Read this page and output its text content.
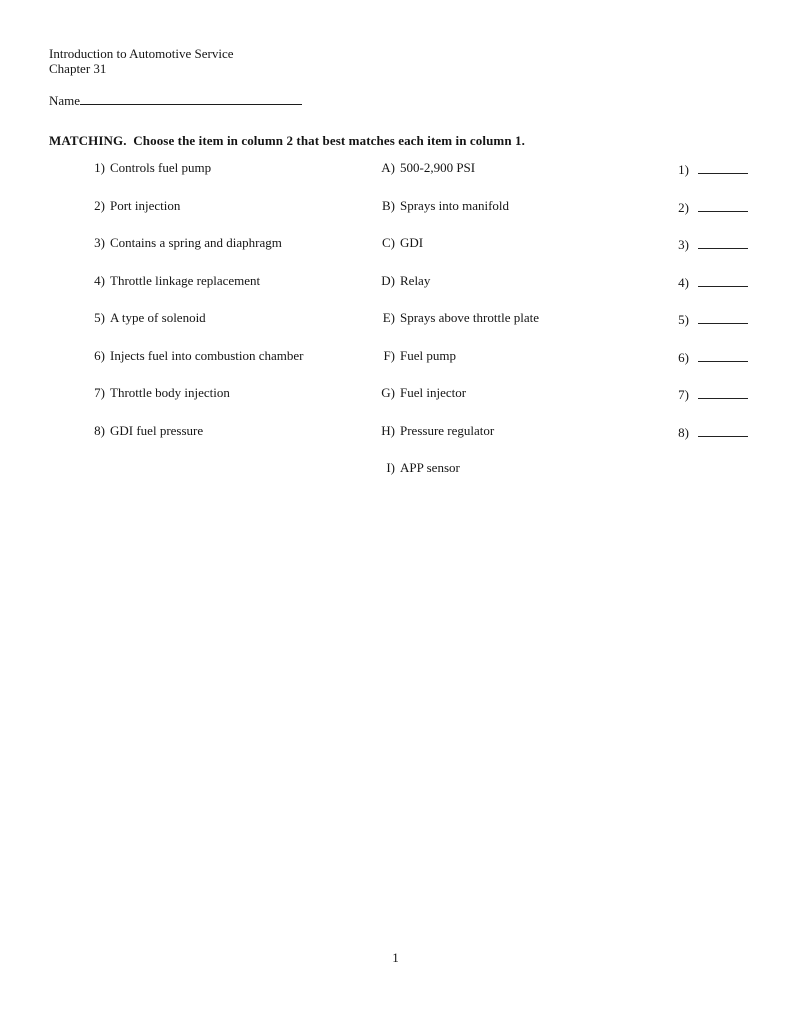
Introduction to Automotive Service
Chapter 31
Name
MATCHING.  Choose the item in column 2 that best matches each item in column 1.
1) Controls fuel pump	A) 500-2,900 PSI	1)
2) Port injection	B) Sprays into manifold	2)
3) Contains a spring and diaphragm	C) GDI	3)
4) Throttle linkage replacement	D) Relay	4)
5) A type of solenoid	E) Sprays above throttle plate	5)
6) Injects fuel into combustion chamber	F) Fuel pump	6)
7) Throttle body injection	G) Fuel injector	7)
8) GDI fuel pressure	H) Pressure regulator	8)
I) APP sensor
1
